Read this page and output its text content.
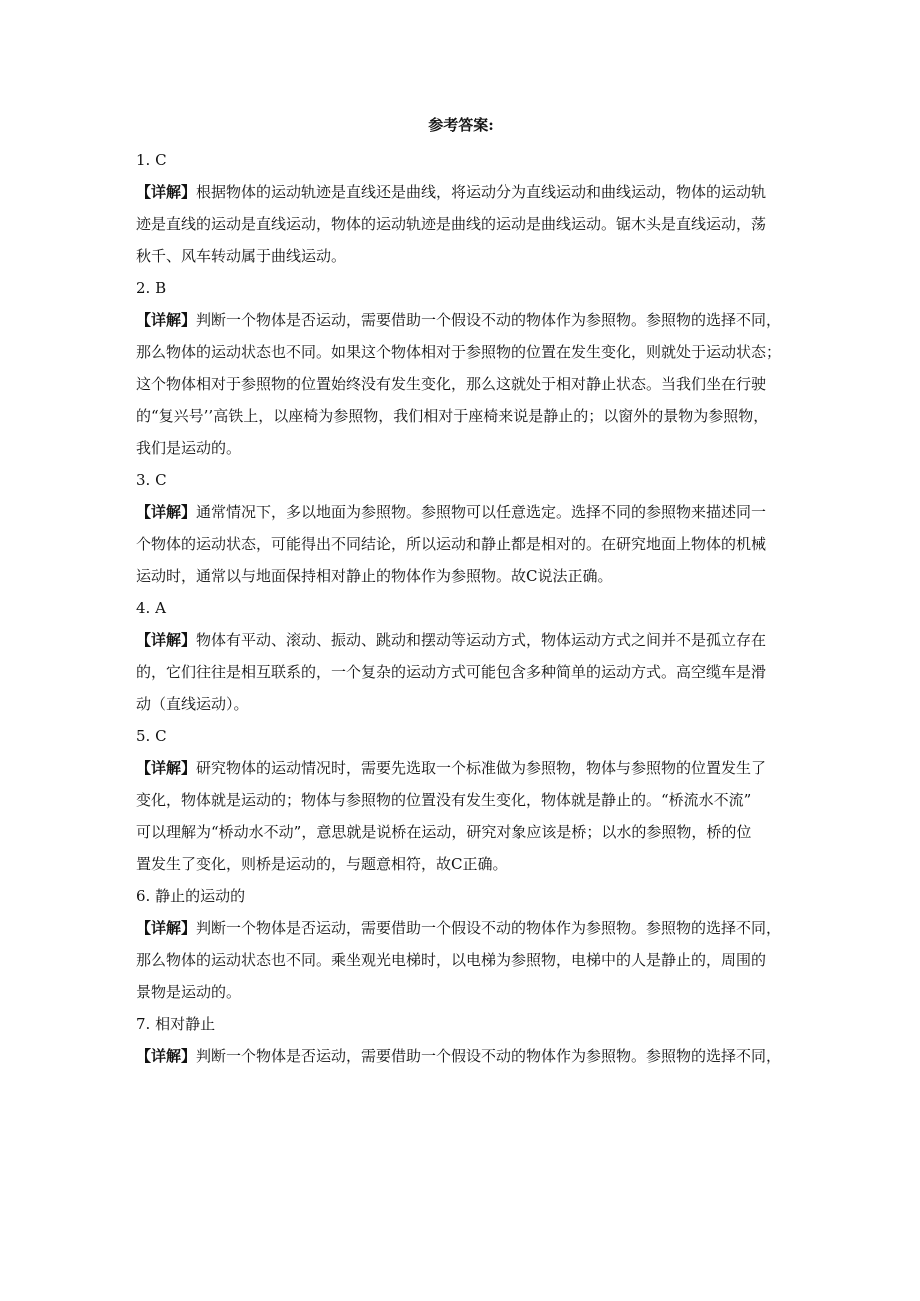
参考答案:
1. C
【详解】根据物体的运动轨迹是直线还是曲线，将运动分为直线运动和曲线运动，物体的运动轨
迹是直线的运动是直线运动，物体的运动轨迹是曲线的运动是曲线运动。锯木头是直线运动，荡
秋千、风车转动属于曲线运动。
2. B
【详解】判断一个物体是否运动，需要借助一个假设不动的物体作为参照物。参照物的选择不同，
那么物体的运动状态也不同。如果这个物体相对于参照物的位置在发生变化，则就处于运动状态；
这个物体相对于参照物的位置始终没有发生变化，那么这就处于相对静止状态。当我们坐在行驶
的“复兴号’’高铁上，以座椅为参照物，我们相对于座椅来说是静止的；以窗外的景物为参照物，
我们是运动的。
3. C
【详解】通常情况下，多以地面为参照物。参照物可以任意选定。选择不同的参照物来描述同一
个物体的运动状态，可能得出不同结论，所以运动和静止都是相对的。在研究地面上物体的机械
运动时，通常以与地面保持相对静止的物体作为参照物。故C说法正确。
4. A
【详解】物体有平动、滚动、振动、跳动和摆动等运动方式，物体运动方式之间并不是孤立存在
的，它们往往是相互联系的，一个复杂的运动方式可能包含多种简单的运动方式。高空缆车是滑
动（直线运动）。
5. C
【详解】研究物体的运动情况时，需要先选取一个标准做为参照物，物体与参照物的位置发生了
变化，物体就是运动的；物体与参照物的位置没有发生变化，物体就是静止的。“桥流水不流”
可以理解为“桥动水不动”，意思就是说桥在运动，研究对象应该是桥；以水的参照物，桥的位
置发生了变化，则桥是运动的，与题意相符，故C正确。
6. 静止的运动的
【详解】判断一个物体是否运动，需要借助一个假设不动的物体作为参照物。参照物的选择不同，
那么物体的运动状态也不同。乘坐观光电梯时，以电梯为参照物，电梯中的人是静止的，周围的
景物是运动的。
7. 相对静止
【详解】判断一个物体是否运动，需要借助一个假设不动的物体作为参照物。参照物的选择不同，
